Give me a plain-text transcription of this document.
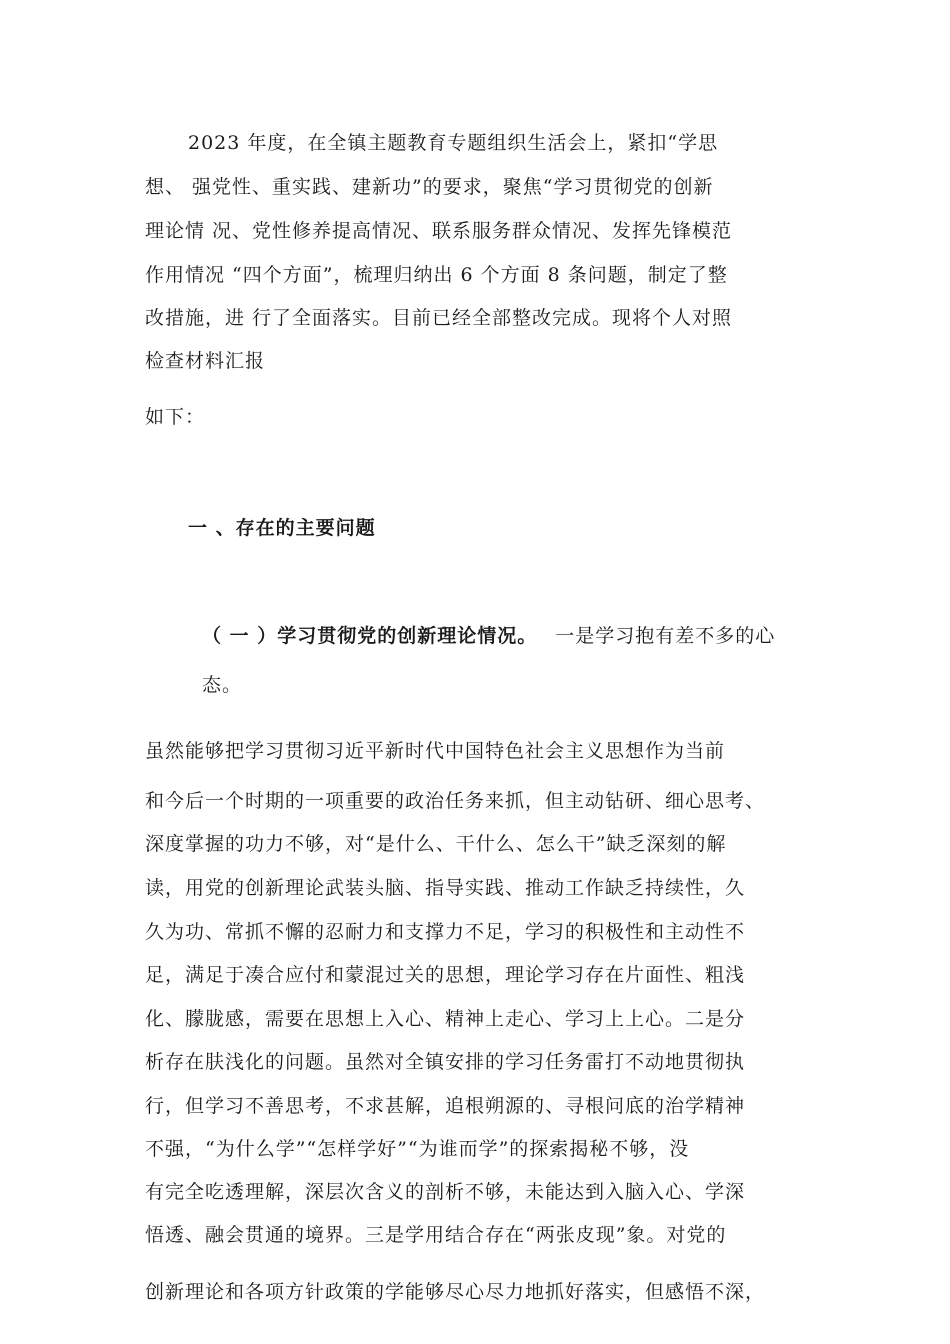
2023 年度，在全镇主题教育专题组织生活会上，紧扣“学思
想、 强党性、重实践、建新功”的要求，聚焦“学习贯彻党的创新
理论情 况、党性修养提高情况、联系服务群众情况、发挥先锋模范
作用情况 “四个方面”，梳理归纳出 6 个方面 8 条问题，制定了整
改措施，进 行了全面落实。目前已经全部整改完成。现将个人对照
检查材料汇报
如下：
一 、存在的主要问题
（ 一 ）学习贯彻党的创新理论情况。 一是学习抱有差不多的心
态。
虽然能够把学习贯彻习近平新时代中国特色社会主义思想作为当前
和今后一个时期的一项重要的政治任务来抓，但主动钻研、细心思考、
深度掌握的功力不够，对“是什么、干什么、怎么干”缺乏深刻的解
读，用党的创新理论武装头脑、指导实践、推动工作缺乏持续性，久
久为功、常抓不懈的忍耐力和支撑力不足，学习的积极性和主动性不
足，满足于凑合应付和蒙混过关的思想，理论学习存在片面性、粗浅
化、朦胧感，需要在思想上入心、精神上走心、学习上上心。二是分
析存在肤浅化的问题。虽然对全镇安排的学习任务雷打不动地贯彻执
行，但学习不善思考，不求甚解，追根朔源的、寻根问底的治学精神
不强，“为什么学”“怎样学好”“为谁而学”的探索揭秘不够，没
有完全吃透理解，深层次含义的剖析不够，未能达到入脑入心、学深
悟透、融会贯通的境界。三是学用结合存在“两张皮现”象。对党的
创新理论和各项方针政策的学能够尽心尽力地抓好落实，但感悟不深，
